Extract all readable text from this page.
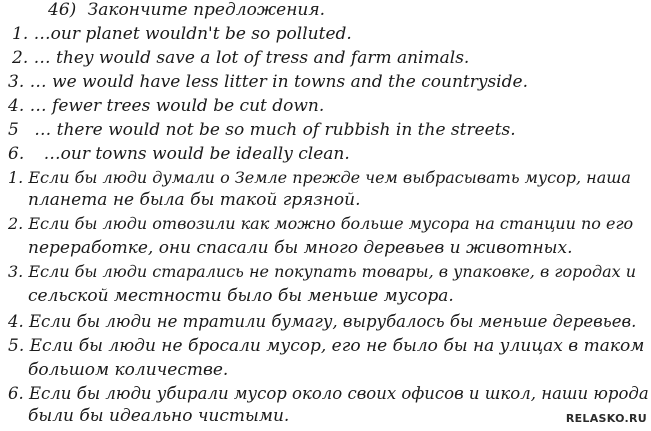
46) Закончите предложения.
1. …our planet wouldn't be so polluted.
2. … they would save a lot of tress and farm animals.
3. … we would have less litter in towns and the countryside.
4. … fewer trees would be cut down.
5 … there would not be so much of rubbish in the streets.
6. …our towns would be ideally clean.
1. Если бы люди думали о Земле прежде чем выбрасывать мусор, наша
планета не была бы такой грязной.
2. Если бы люди отвозили как можно больше мусора на станции по его
переработке, они спасали бы много деревьев и животных.
3. Если бы люди старались не покупать товары, в упаковке, в городах и
сельской местности было бы меньше мусора.
4. Если бы люди не тратили бумагу, вырубалось бы меньше деревьев.
5. Если бы люди не бросали мусор, его не было бы на улицах в таком
большом количестве.
6. Если бы люди убирали мусор около своих офисов и школ, наши юрода
были бы идеально чистыми.	RELASKO.RU
